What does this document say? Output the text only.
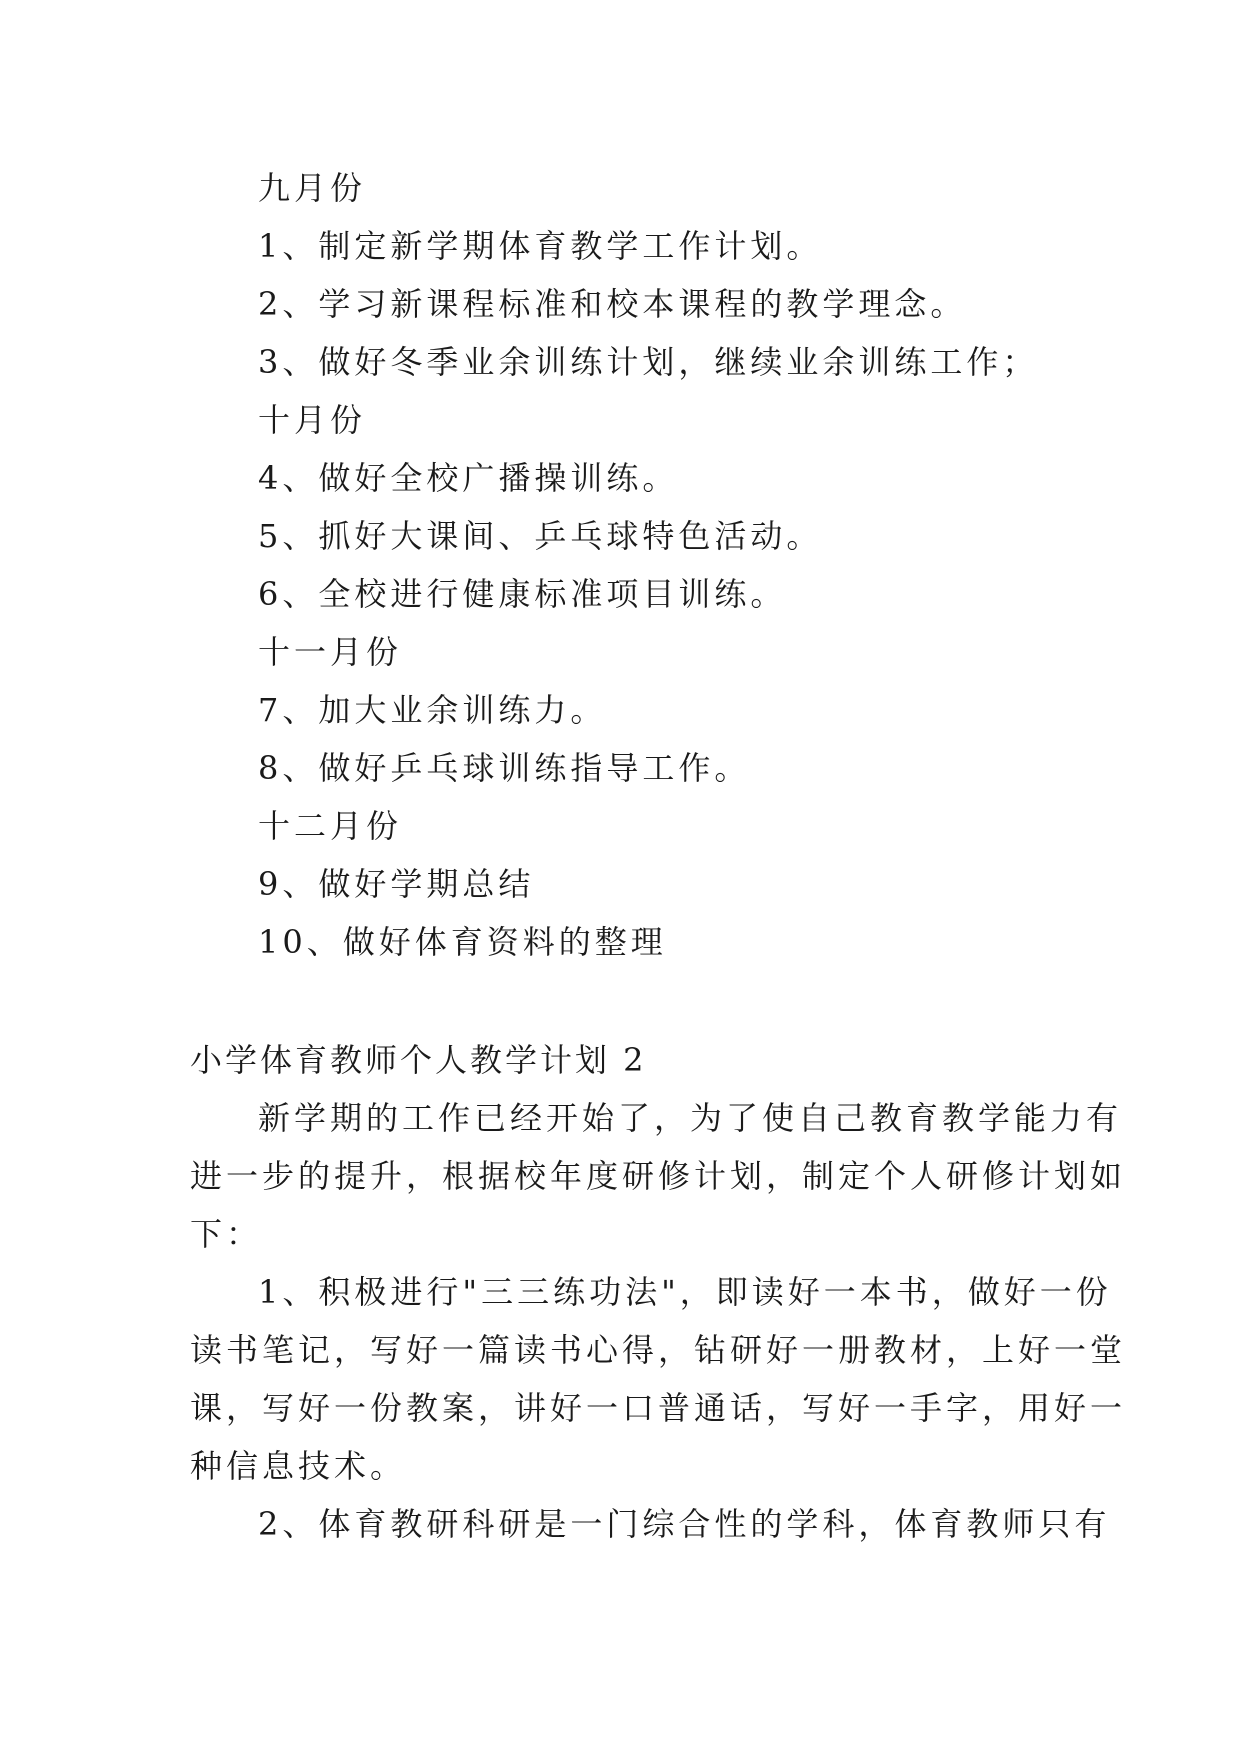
九月份
1、制定新学期体育教学工作计划。
2、学习新课程标准和校本课程的教学理念。
3、做好冬季业余训练计划，继续业余训练工作；
十月份
4、做好全校广播操训练。
5、抓好大课间、乒乓球特色活动。
6、全校进行健康标准项目训练。
十一月份
7、加大业余训练力。
8、做好乒乓球训练指导工作。
十二月份
9、做好学期总结
10、做好体育资料的整理
小学体育教师个人教学计划 2
新学期的工作已经开始了，为了使自己教育教学能力有
进一步的提升，根据校年度研修计划，制定个人研修计划如
下：
1、积极进行"三三练功法"，即读好一本书，做好一份
读书笔记，写好一篇读书心得，钻研好一册教材，上好一堂
课，写好一份教案，讲好一口普通话，写好一手字，用好一
种信息技术。
2、体育教研科研是一门综合性的学科，体育教师只有
